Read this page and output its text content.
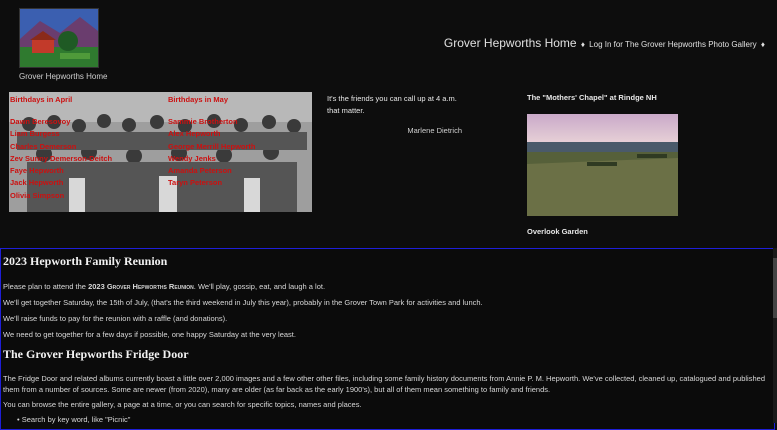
Grover Hepworths Home
Grover Hepworths Home ♦ Log In for The Grover Hepworths Photo Gallery ♦
Birthdays in April
Dawn Beresovoy
Liam Burgess
Charles Demerson
Zev Sunny Demerson-Deitch
Faye Hepworth
Jack Hepworth
Olivia Simpson
Birthdays in May
Sammie Brotherton
Alex Hepworth
George Merrill Hepworth
Wendy Jenks
Amanda Peterson
Taryn Peterson
It's the friends you can call up at 4 a.m. that matter.
Marlene Dietrich
The "Mothers' Chapel" at Rindge NH
Overlook Garden
2023 Hepworth Family Reunion

Please plan to attend the 2023 Grover Hepworths Reunion. We'll play, gossip, eat, and laugh a lot.

We'll get together Saturday, the 15th of July, (that's the third weekend in July this year), probably in the Grover Town Park for activities and lunch.

We'll raise funds to pay for the reunion with a raffle (and donations).

We need to get together for a few days if possible, one happy Saturday at the very least.

The Grover Hepworths Fridge Door

The Fridge Door and related albums currently boast a little over 2,000 images and a few other other files, including some family history documents from Annie P. M. Hepworth. We've collected, cleaned up, catalogued and published them from a number of sources. Some are newer (from 2020), many are older (as far back as the early 1900's), but all of them mean something to family and friends.

You can browse the entire gallery, a page at a time, or you can search for specific topics, names and places.

• Search by key word, like "Picnic"
